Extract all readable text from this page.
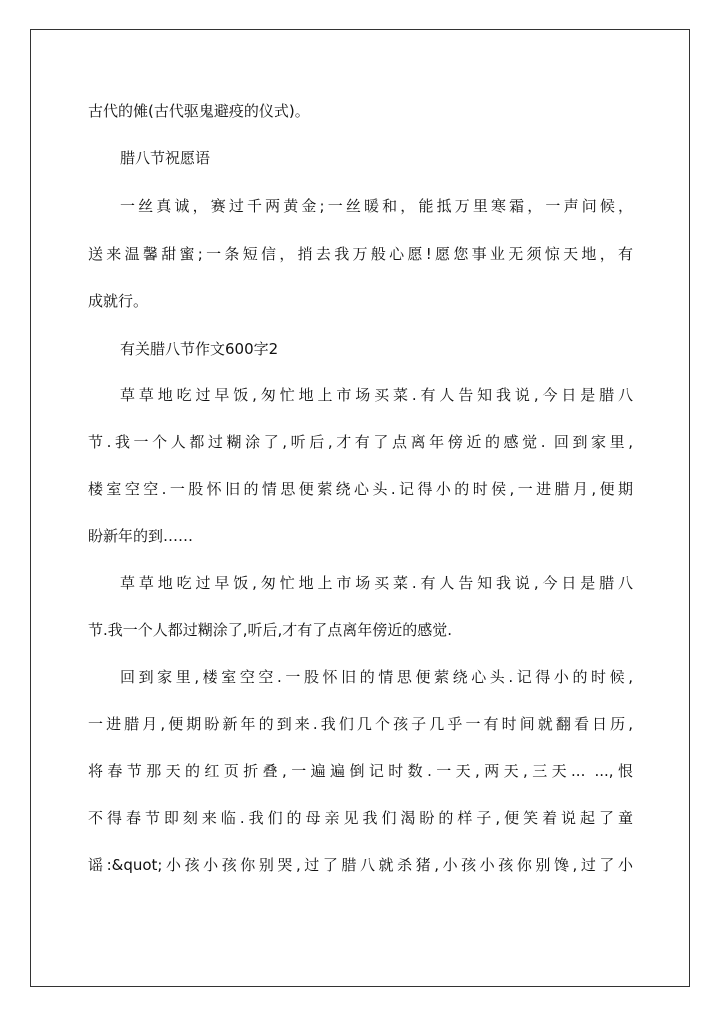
古代的傩(古代驱鬼避疫的仪式)。
腊八节祝愿语
一丝真诚，赛过千两黄金;一丝暖和，能抵万里寒霜，一声问候，
送来温馨甜蜜;一条短信，捎去我万般心愿!愿您事业无须惊天地，有
成就行。
有关腊八节作文600字2
草草地吃过早饭,匆忙地上市场买菜.有人告知我说,今日是腊八
节.我一个人都过糊涂了,听后,才有了点离年傍近的感觉. 回到家里,
楼室空空.一股怀旧的情思便萦绕心头.记得小的时侯,一进腊月,便期
盼新年的到……
草草地吃过早饭,匆忙地上市场买菜.有人告知我说,今日是腊八
节.我一个人都过糊涂了,听后,才有了点离年傍近的感觉.
回到家里,楼室空空.一股怀旧的情思便萦绕心头.记得小的时候,
一进腊月,便期盼新年的到来.我们几个孩子几乎一有时间就翻看日历,
将春节那天的红页折叠,一遍遍倒记时数.一天,两天,三天... ...,恨
不得春节即刻来临.我们的母亲见我们渴盼的样子,便笑着说起了童
谣:&quot;小孩小孩你别哭,过了腊八就杀猪,小孩小孩你别馋,过了小
